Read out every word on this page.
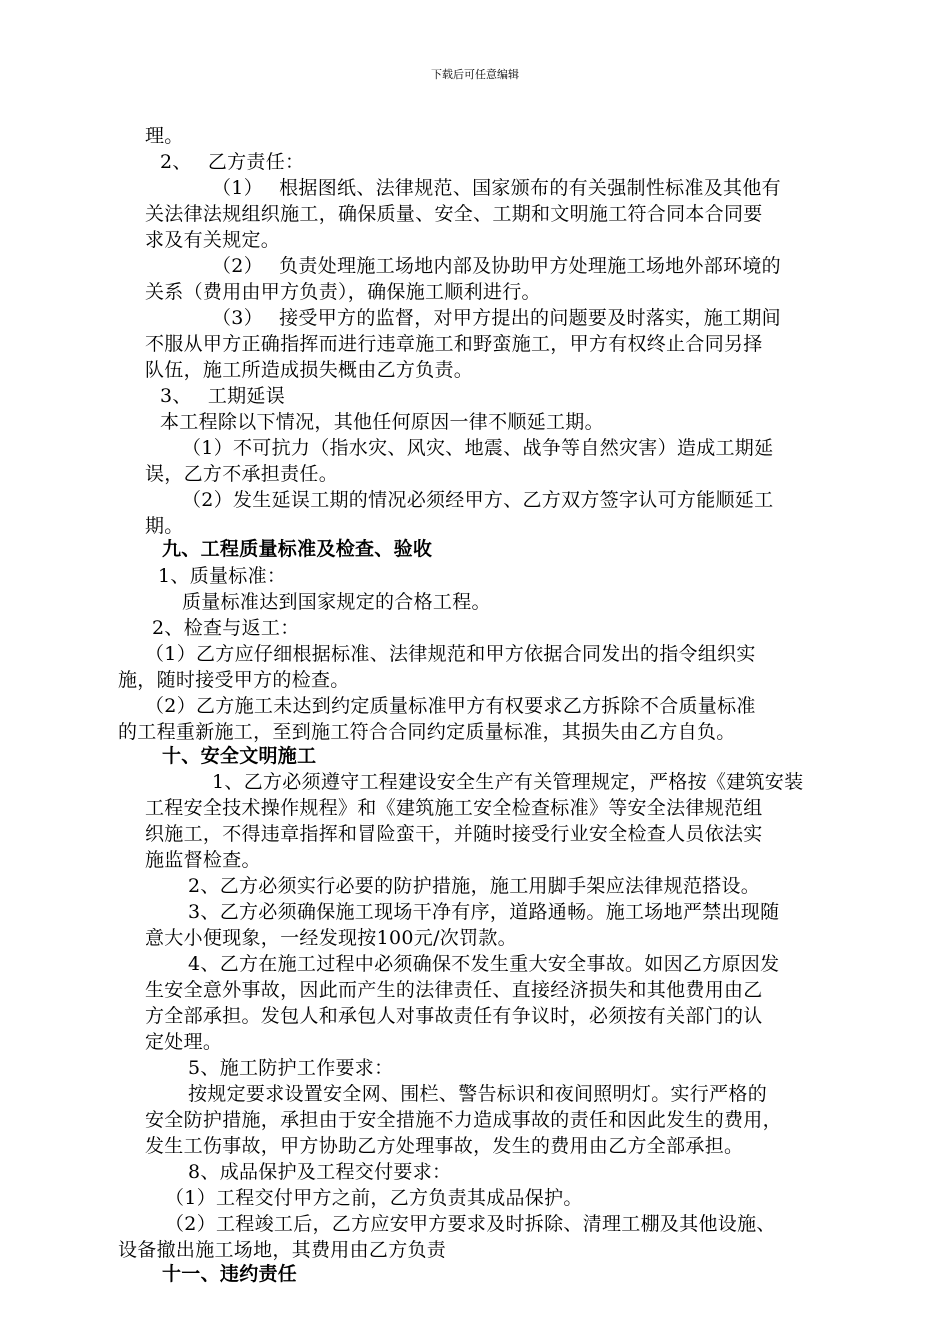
下载后可任意编辑
理。
2、　 乙方责任：
（1）　 根据图纸、法律规范、国家颁布的有关强制性标准及其他有
关法律法规组织施工，确保质量、安全、工期和文明施工符合同本合同要
求及有关规定。
（2）　 负责处理施工场地内部及协助甲方处理施工场地外部环境的
关系（费用由甲方负责），确保施工顺利进行。
（3）　 接受甲方的监督，对甲方提出的问题要及时落实，施工期间
不服从甲方正确指挥而进行违章施工和野蛮施工，甲方有权终止合同另择
队伍，施工所造成损失概由乙方负责。
3、　 工期延误
本工程除以下情况，其他任何原因一律不顺延工期。
（1）不可抗力（指水灾、风灾、地震、战争等自然灾害）造成工期延
误，乙方不承担责任。
（2）发生延误工期的情况必须经甲方、乙方双方签字认可方能顺延工
期。
九、工程质量标准及检查、验收
1、质量标准：
质量标准达到国家规定的合格工程。
2、检查与返工：
（1）乙方应仔细根据标准、法律规范和甲方依据合同发出的指令组织实
施，随时接受甲方的检查。
（2）乙方施工未达到约定质量标准甲方有权要求乙方拆除不合质量标准
的工程重新施工，至到施工符合合同约定质量标准，其损失由乙方自负。
十、安全文明施工
1、乙方必须遵守工程建设安全生产有关管理规定，严格按《建筑安装
工程安全技术操作规程》和《建筑施工安全检查标准》等安全法律规范组
织施工，不得违章指挥和冒险蛮干，并随时接受行业安全检查人员依法实
施监督检查。
2、乙方必须实行必要的防护措施，施工用脚手架应法律规范搭设。
3、乙方必须确保施工现场干净有序，道路通畅。施工场地严禁出现随
意大小便现象，一经发现按100元/次罚款。
4、乙方在施工过程中必须确保不发生重大安全事故。如因乙方原因发
生安全意外事故，因此而产生的法律责任、直接经济损失和其他费用由乙
方全部承担。发包人和承包人对事故责任有争议时，必须按有关部门的认
定处理。
5、施工防护工作要求：
按规定要求设置安全网、围栏、警告标识和夜间照明灯。实行严格的
安全防护措施，承担由于安全措施不力造成事故的责任和因此发生的费用，
发生工伤事故，甲方协助乙方处理事故，发生的费用由乙方全部承担。
8、成品保护及工程交付要求：
（1）工程交付甲方之前，乙方负责其成品保护。
（2）工程竣工后，乙方应安甲方要求及时拆除、清理工棚及其他设施、
设备撤出施工场地，其费用由乙方负责
十一、违约责任
